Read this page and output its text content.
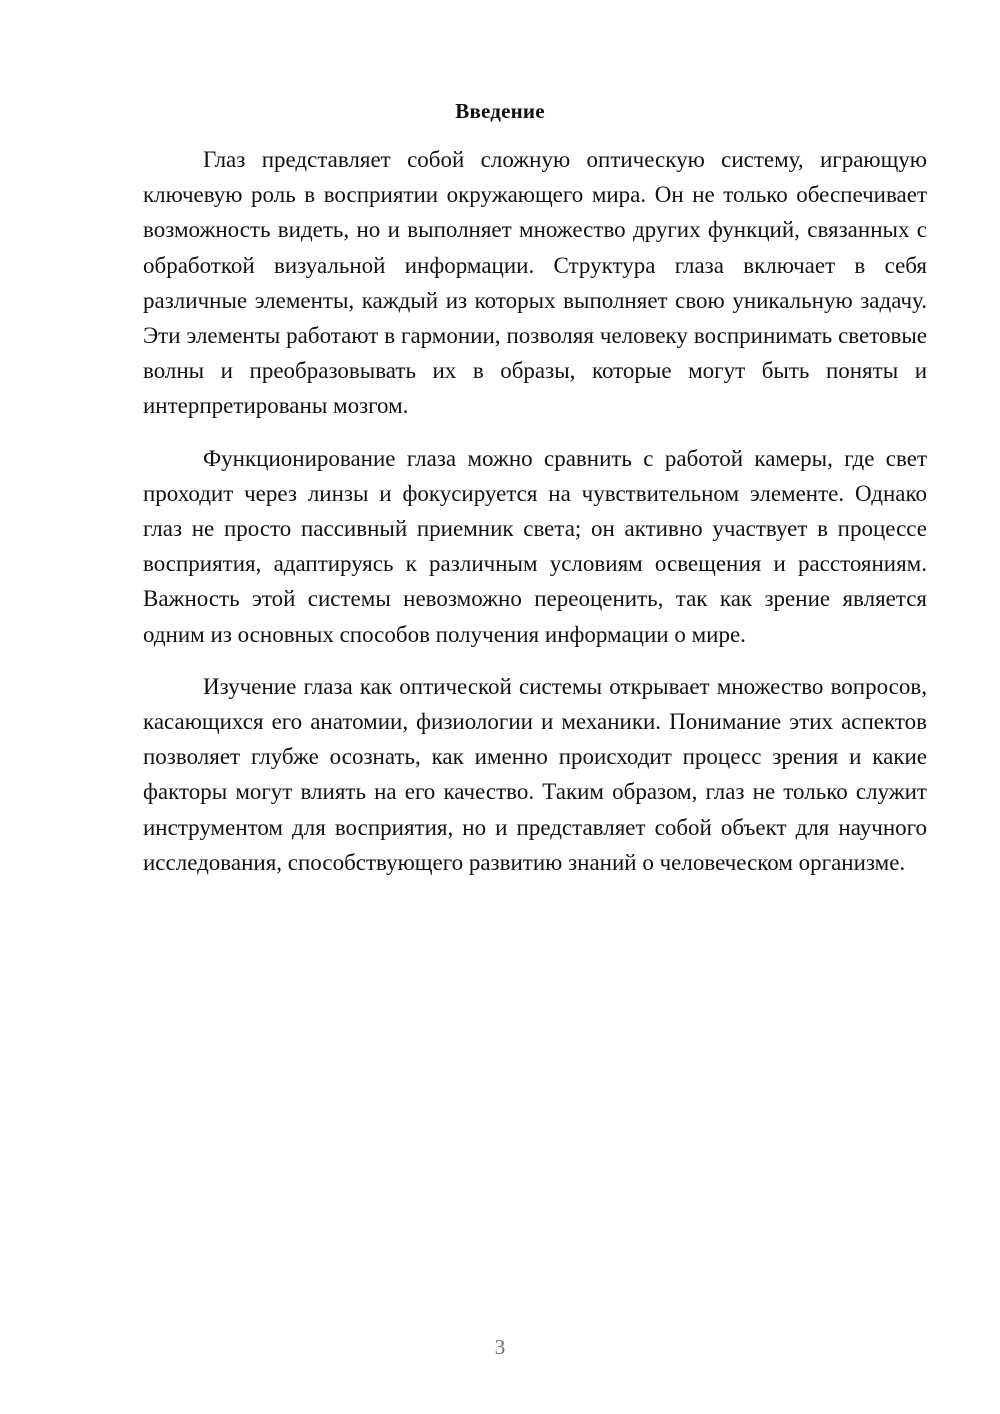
Введение

Глаз представляет собой сложную оптическую систему, играющую ключевую роль в восприятии окружающего мира. Он не только обеспечивает возможность видеть, но и выполняет множество других функций, связанных с обработкой визуальной информации. Структура глаза включает в себя различные элементы, каждый из которых выполняет свою уникальную задачу. Эти элементы работают в гармонии, позволяя человеку воспринимать световые волны и преобразовывать их в образы, которые могут быть поняты и интерпретированы мозгом.

Функционирование глаза можно сравнить с работой камеры, где свет проходит через линзы и фокусируется на чувствительном элементе. Однако глаз не просто пассивный приемник света; он активно участвует в процессе восприятия, адаптируясь к различным условиям освещения и расстояниям. Важность этой системы невозможно переоценить, так как зрение является одним из основных способов получения информации о мире.

Изучение глаза как оптической системы открывает множество вопросов, касающихся его анатомии, физиологии и механики. Понимание этих аспектов позволяет глубже осознать, как именно происходит процесс зрения и какие факторы могут влиять на его качество. Таким образом, глаз не только служит инструментом для восприятия, но и представляет собой объект для научного исследования, способствующего развитию знаний о человеческом организме.

3
